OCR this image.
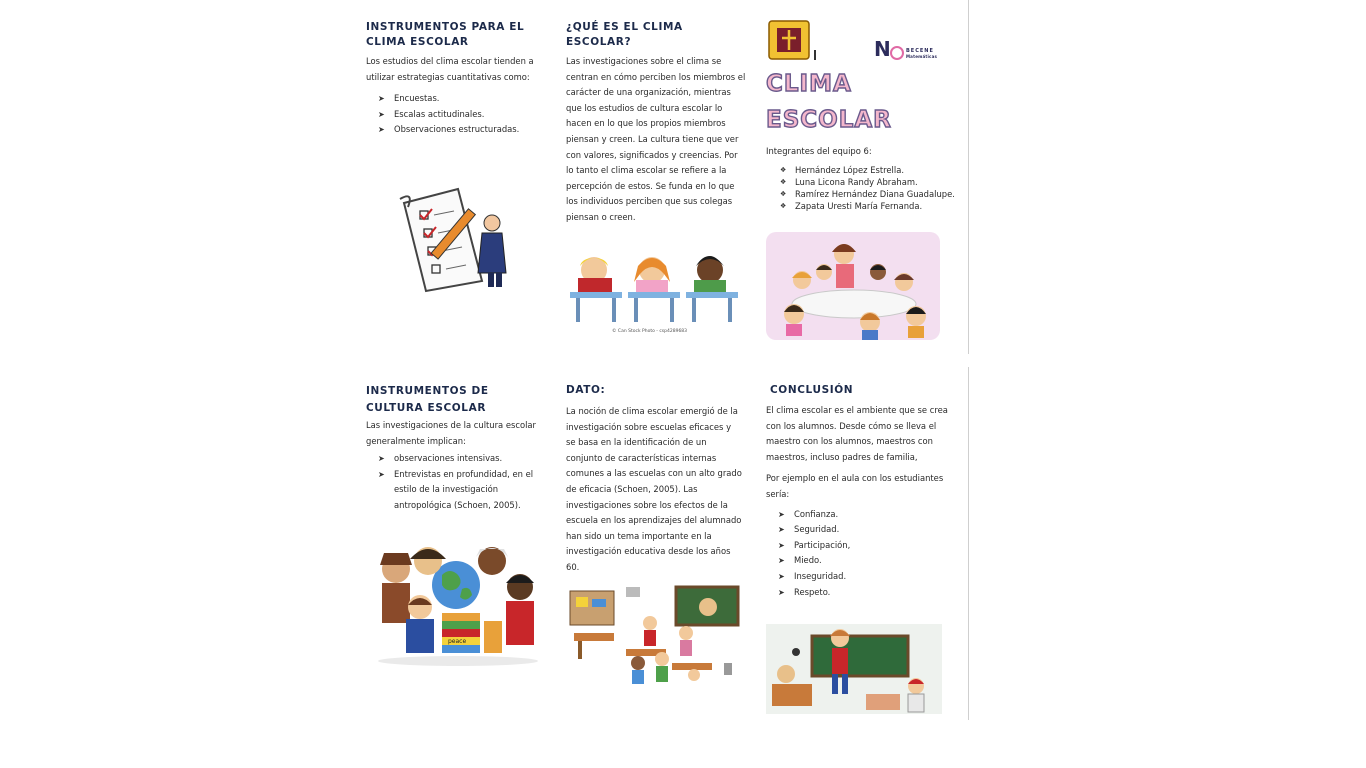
INSTRUMENTOS PARA EL

CLIMA ESCOLAR

Los estudios del clima escolar tienden a utilizar estrategias cuantitativas como:

➤ Encuestas.
➤ Escalas actitudinales.
➤ Observaciones estructuradas.

¿QUÉ ES EL CLIMA

ESCOLAR?

Las investigaciones sobre el clima se centran en cómo perciben los miembros el carácter de una organización, mientras que los estudios de cultura escolar lo hacen en lo que los propios miembros piensan y creen. La cultura tiene que ver con valores, significados y creencias. Por lo tanto el clima escolar se refiere a la percepción de estos. Se funda en lo que los individuos perciben que sus colegas piensan o creen.

© Can Stock Photo - csp4289683
N	BECENE
Matemáticas

CLIMA

ESCOLAR

Integrantes del equipo 6:

❖ Hernández López Estrella.
❖ Luna Licona Randy Abraham.
❖ Ramírez Hernández Diana Guadalupe.
❖ Zapata Uresti María Fernanda.

INSTRUMENTOS DE

CULTURA ESCOLAR

Las investigaciones de la cultura escolar generalmente implican:

➤ observaciones intensivas.
➤ Entrevistas en profundidad, en el estilo de la investigación antropológica (Schoen, 2005).
peace

DATO:

La noción de clima escolar emergió de la investigación sobre escuelas eficaces y se basa en la identificación de un conjunto de características internas comunes a las escuelas con un alto grado de eficacia (Schoen, 2005). Las investigaciones sobre los efectos de la escuela en los aprendizajes del alumnado han sido un tema importante en la investigación educativa desde los años 60.

CONCLUSIÓN

El clima escolar es el ambiente que se crea con los alumnos. Desde cómo se lleva el maestro con los alumnos, maestros con maestros, incluso padres de familia,

Por ejemplo en el aula con los estudiantes sería:

➤ Confianza.
➤ Seguridad.
➤ Participación,
➤ Miedo.
➤ Inseguridad.
➤ Respeto.
